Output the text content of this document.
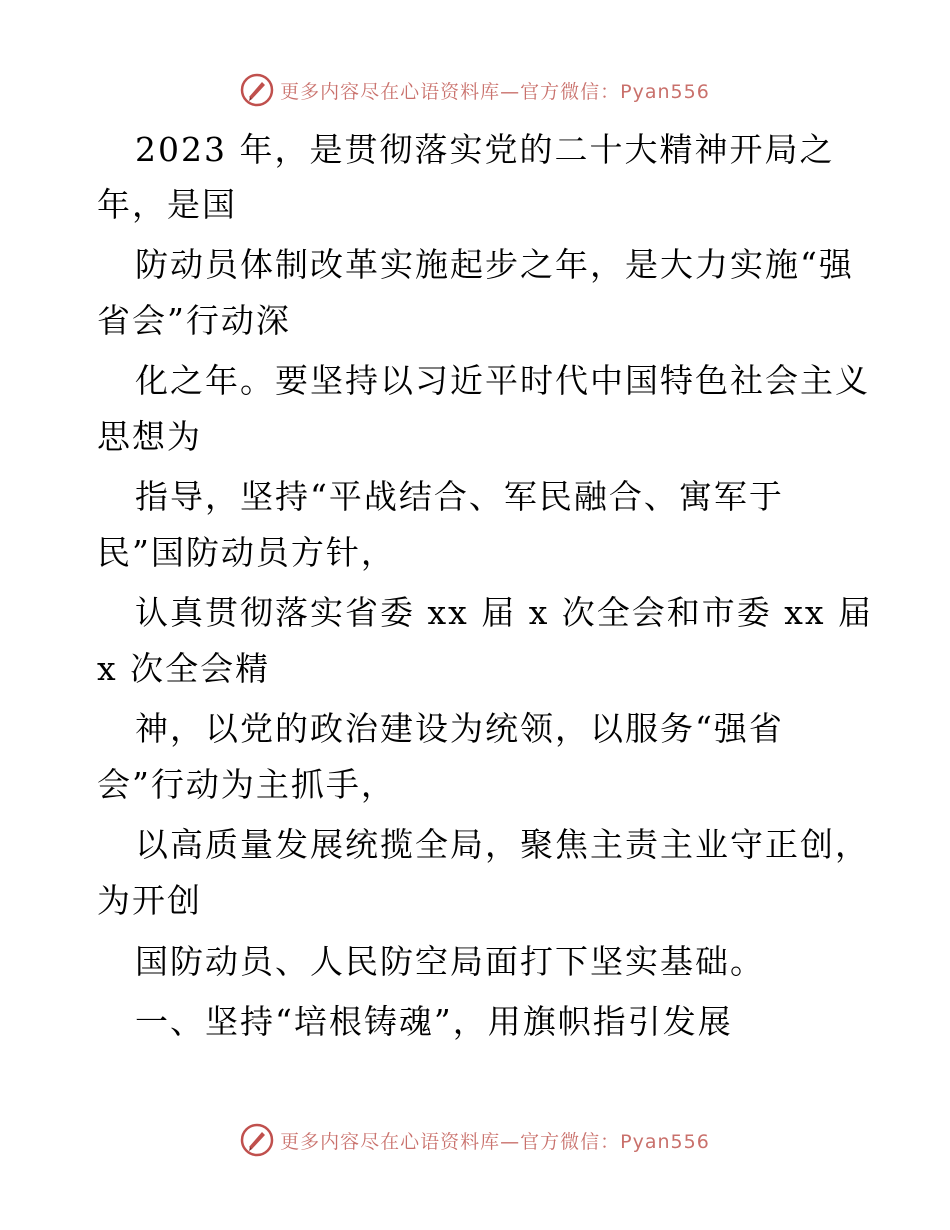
更多内容尽在心语资料库—官方微信：Pyan556
2023 年，是贯彻落实党的二十大精神开局之
年，是国
防动员体制改革实施起步之年，是大力实施“强
省会”行动深
化之年。要坚持以习近平时代中国特色社会主义
思想为
指导，坚持“平战结合、军民融合、寓军于
民”国防动员方针，
认真贯彻落实省委 xx 届 x 次全会和市委 xx 届
x 次全会精
神，以党的政治建设为统领，以服务“强省
会”行动为主抓手，
以高质量发展统揽全局，聚焦主责主业守正创，
为开创
国防动员、人民防空局面打下坚实基础。
一、坚持“培根铸魂”，用旗帜指引发展
更多内容尽在心语资料库—官方微信：Pyan556
